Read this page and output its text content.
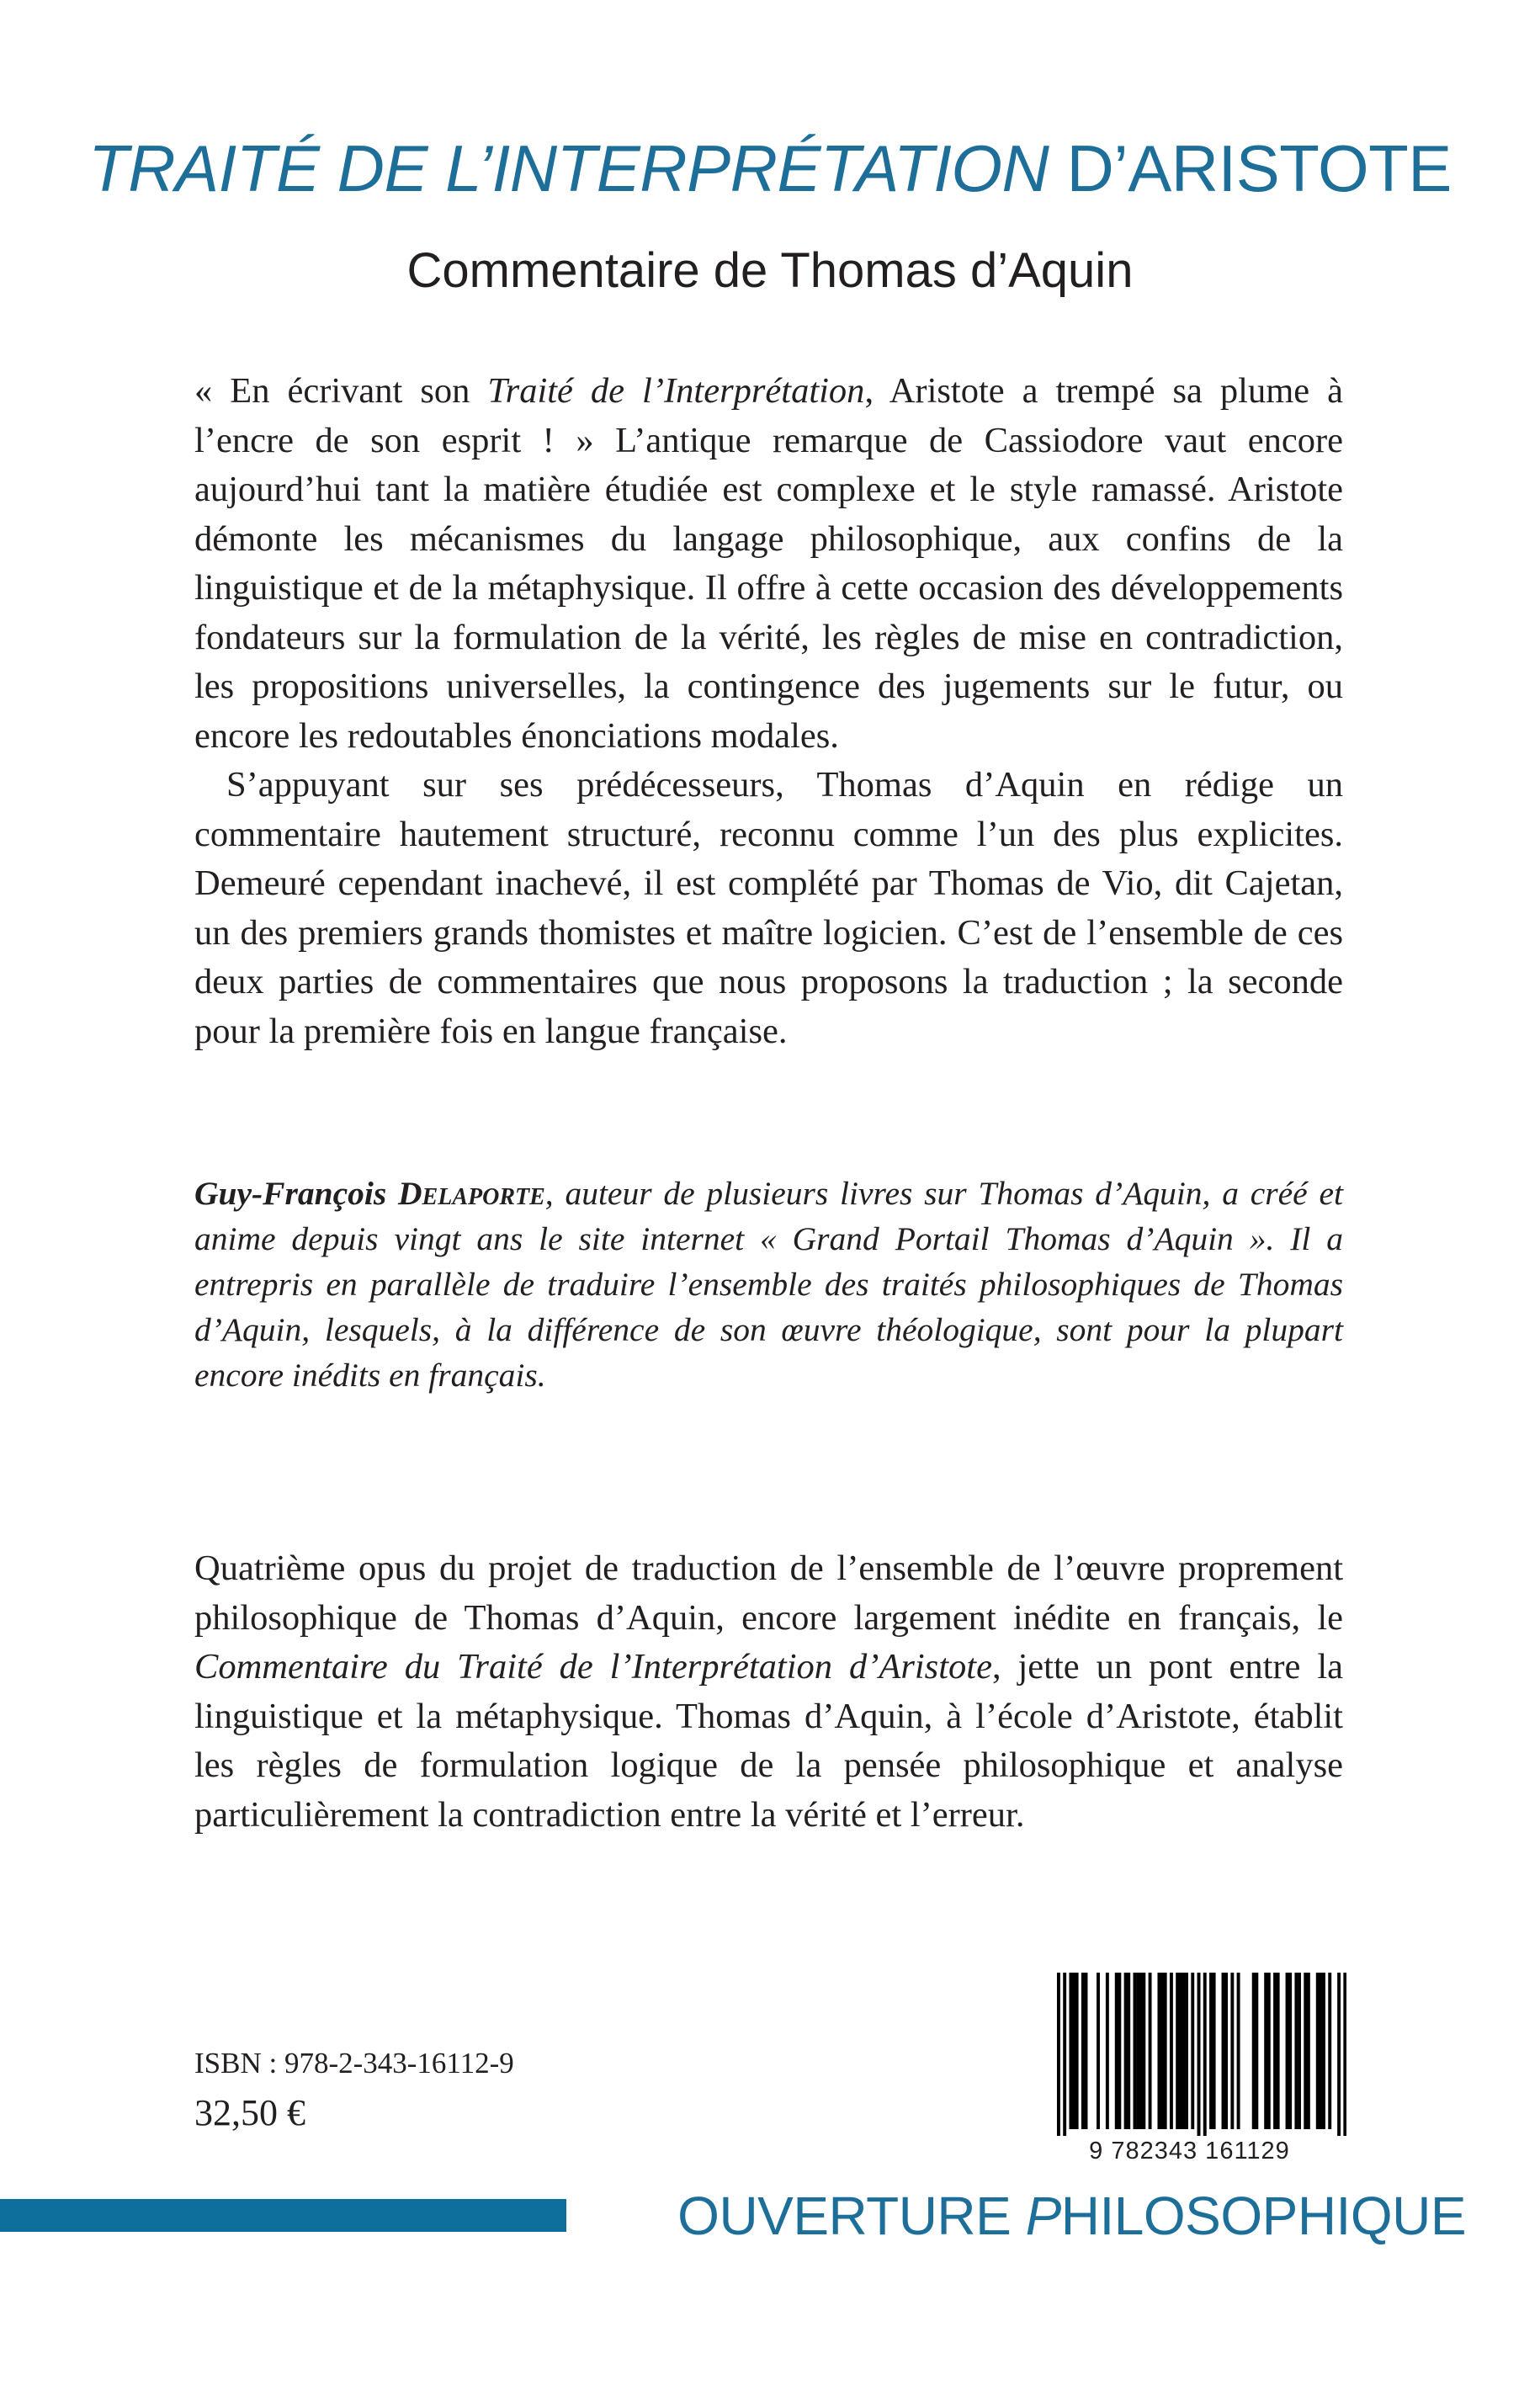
TRAITÉ DE L’INTERPRÉTATION D’ARISTOTE
Commentaire de Thomas d’Aquin

« En écrivant son Traité de l’Interprétation, Aristote a trempé sa plume à l’encre de son esprit ! » L’antique remarque de Cassiodore vaut encore aujourd’hui tant la matière étudiée est complexe et le style ramassé. Aristote démonte les mécanismes du langage philosophique, aux confins de la linguistique et de la métaphysique. Il offre à cette occasion des développements fondateurs sur la formulation de la vérité, les règles de mise en contradiction, les propositions universelles, la contingence des jugements sur le futur, ou encore les redoutables énonciations modales.

S’appuyant sur ses prédécesseurs, Thomas d’Aquin en rédige un commentaire hautement structuré, reconnu comme l’un des plus explicites. Demeuré cependant inachevé, il est complété par Thomas de Vio, dit Cajetan, un des premiers grands thomistes et maître logicien. C’est de l’ensemble de ces deux parties de commentaires que nous proposons la traduction ; la seconde pour la première fois en langue française.

Guy-François Delaporte, auteur de plusieurs livres sur Thomas d’Aquin, a créé et anime depuis vingt ans le site internet « Grand Portail Thomas d’Aquin ». Il a entrepris en parallèle de traduire l’ensemble des traités philosophiques de Thomas d’Aquin, lesquels, à la différence de son œuvre théologique, sont pour la plupart encore inédits en français.

Quatrième opus du projet de traduction de l’ensemble de l’œuvre proprement philosophique de Thomas d’Aquin, encore largement inédite en français, le Commentaire du Traité de l’Interprétation d’Aristote, jette un pont entre la linguistique et la métaphysique. Thomas d’Aquin, à l’école d’Aristote, établit les règles de formulation logique de la pensée philosophique et analyse particulièrement la contradiction entre la vérité et l’erreur.

ISBN : 978-2-343-16112-9
32,50 €
9 782343 161129
OUVERTURE PHILOSOPHIQUE
